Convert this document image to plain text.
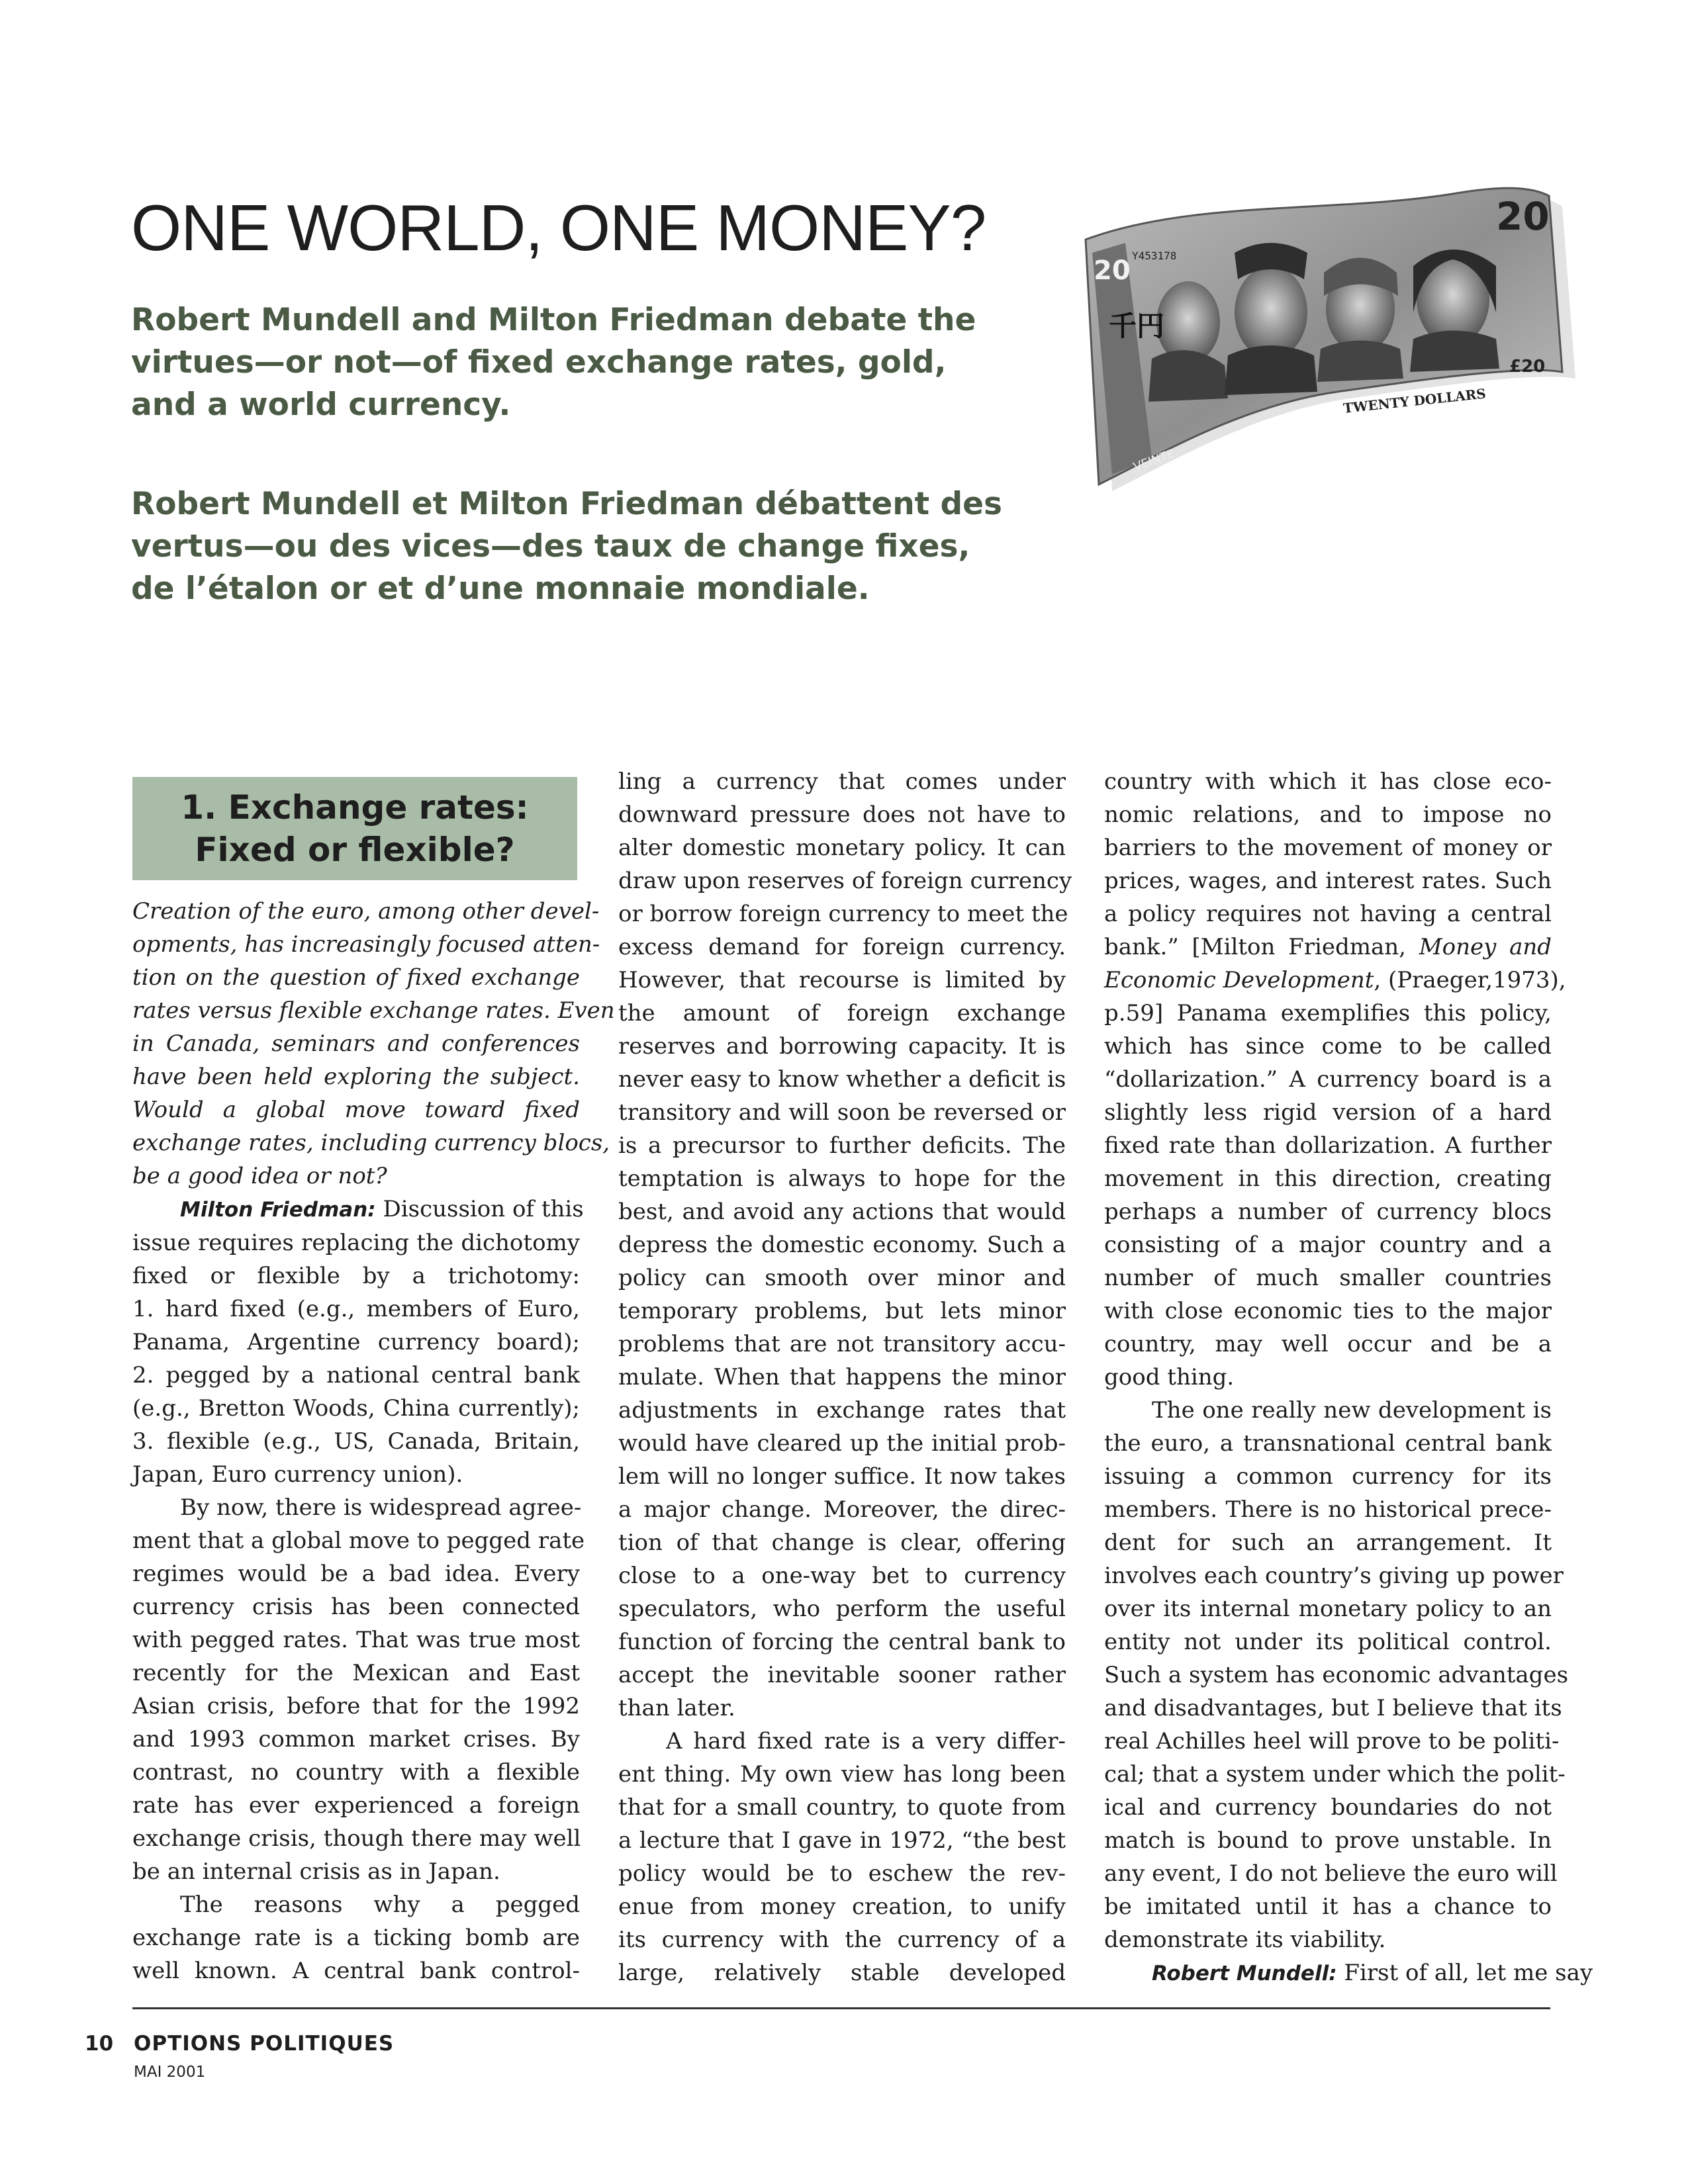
ONE WORLD, ONE MONEY?
Robert Mundell and Milton Friedman debate the
virtues—or not—of fixed exchange rates, gold,
and a world currency.
Robert Mundell et Milton Friedman débattent des
vertus—ou des vices—des taux de change fixes,
de l’étalon or et d’une monnaie mondiale.
20
20 Y453178
千円
TWENTY DOLLARS
£20
VEINTE
1. Exchange rates:
Fixed or flexible?
Creation of the euro, among other devel-
opments, has increasingly focused atten-
tion on the question of fixed exchange
rates versus flexible exchange rates. Even
in Canada, seminars and conferences
have been held exploring the subject.
Would a global move toward fixed
exchange rates, including currency blocs,
be a good idea or not?
Milton Friedman: Discussion of this
issue requires replacing the dichotomy
fixed or flexible by a trichotomy:
1. hard fixed (e.g., members of Euro,
Panama, Argentine currency board);
2. pegged by a national central bank
(e.g., Bretton Woods, China currently);
3. flexible (e.g., US, Canada, Britain,
Japan, Euro currency union).
By now, there is widespread agree-
ment that a global move to pegged rate
regimes would be a bad idea. Every
currency crisis has been connected
with pegged rates. That was true most
recently for the Mexican and East
Asian crisis, before that for the 1992
and 1993 common market crises. By
contrast, no country with a flexible
rate has ever experienced a foreign
exchange crisis, though there may well
be an internal crisis as in Japan.
The reasons why a pegged
exchange rate is a ticking bomb are
well known. A central bank control-
ling a currency that comes under
downward pressure does not have to
alter domestic monetary policy. It can
draw upon reserves of foreign currency
or borrow foreign currency to meet the
excess demand for foreign currency.
However, that recourse is limited by
the amount of foreign exchange
reserves and borrowing capacity. It is
never easy to know whether a deficit is
transitory and will soon be reversed or
is a precursor to further deficits. The
temptation is always to hope for the
best, and avoid any actions that would
depress the domestic economy. Such a
policy can smooth over minor and
temporary problems, but lets minor
problems that are not transitory accu-
mulate. When that happens the minor
adjustments in exchange rates that
would have cleared up the initial prob-
lem will no longer suffice. It now takes
a major change. Moreover, the direc-
tion of that change is clear, offering
close to a one-way bet to currency
speculators, who perform the useful
function of forcing the central bank to
accept the inevitable sooner rather
than later.
A hard fixed rate is a very differ-
ent thing. My own view has long been
that for a small country, to quote from
a lecture that I gave in 1972, “the best
policy would be to eschew the rev-
enue from money creation, to unify
its currency with the currency of a
large, relatively stable developed
country with which it has close eco-
nomic relations, and to impose no
barriers to the movement of money or
prices, wages, and interest rates. Such
a policy requires not having a central
bank.” [Milton Friedman, Money and
Economic Development, (Praeger,1973),
p.59] Panama exemplifies this policy,
which has since come to be called
“dollarization.” A currency board is a
slightly less rigid version of a hard
fixed rate than dollarization. A further
movement in this direction, creating
perhaps a number of currency blocs
consisting of a major country and a
number of much smaller countries
with close economic ties to the major
country, may well occur and be a
good thing.
The one really new development is
the euro, a transnational central bank
issuing a common currency for its
members. There is no historical prece-
dent for such an arrangement. It
involves each country’s giving up power
over its internal monetary policy to an
entity not under its political control.
Such a system has economic advantages
and disadvantages, but I believe that its
real Achilles heel will prove to be politi-
cal; that a system under which the polit-
ical and currency boundaries do not
match is bound to prove unstable. In
any event, I do not believe the euro will
be imitated until it has a chance to
demonstrate its viability.
Robert Mundell: First of all, let me say
10 OPTIONS POLITIQUES
MAI 2001
